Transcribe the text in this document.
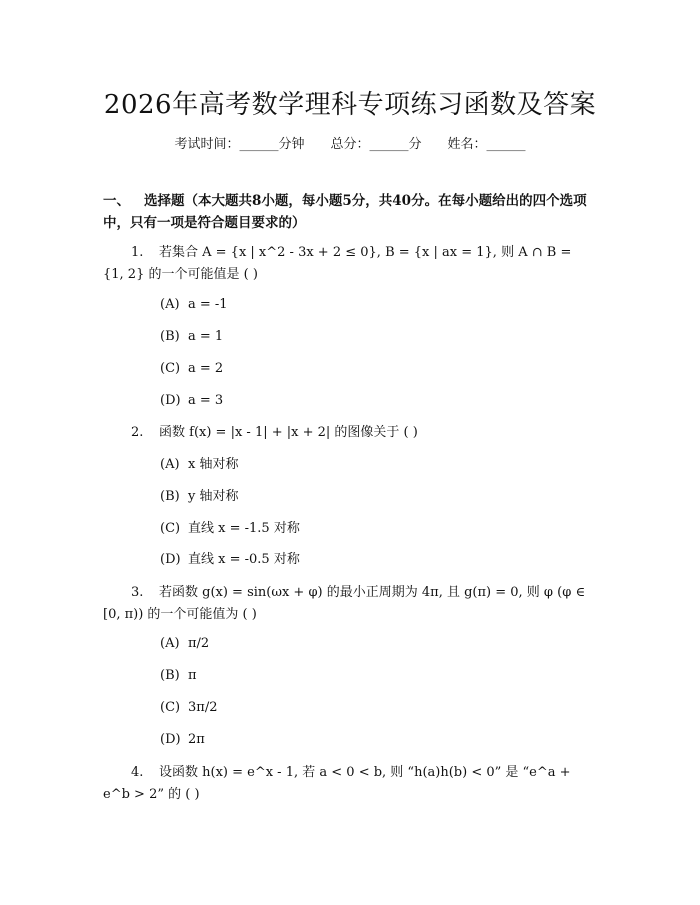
2026年高考数学理科专项练习函数及答案
考试时间：______分钟 总分：______分 姓名：______
一、 选择题（本大题共8小题，每小题5分，共40分。在每小题给出的四个选项中，只有一项是符合题目要求的）
1. 若集合 A = {x | x^2 - 3x + 2 ≤ 0}, B = {x | ax = 1}, 则 A ∩ B = {1, 2} 的一个可能值是 ( )
(A) a = -1
(B) a = 1
(C) a = 2
(D) a = 3
2. 函数 f(x) = |x - 1| + |x + 2| 的图像关于 ( )
(A) x 轴对称
(B) y 轴对称
(C) 直线 x = -1.5 对称
(D) 直线 x = -0.5 对称
3. 若函数 g(x) = sin(ωx + φ) 的最小正周期为 4π, 且 g(π) = 0, 则 φ (φ ∈ [0, π)) 的一个可能值为 ( )
(A) π/2
(B) π
(C) 3π/2
(D) 2π
4. 设函数 h(x) = e^x - 1, 若 a < 0 < b, 则 “h(a)h(b) < 0” 是 “e^a + e^b > 2” 的 ( )
